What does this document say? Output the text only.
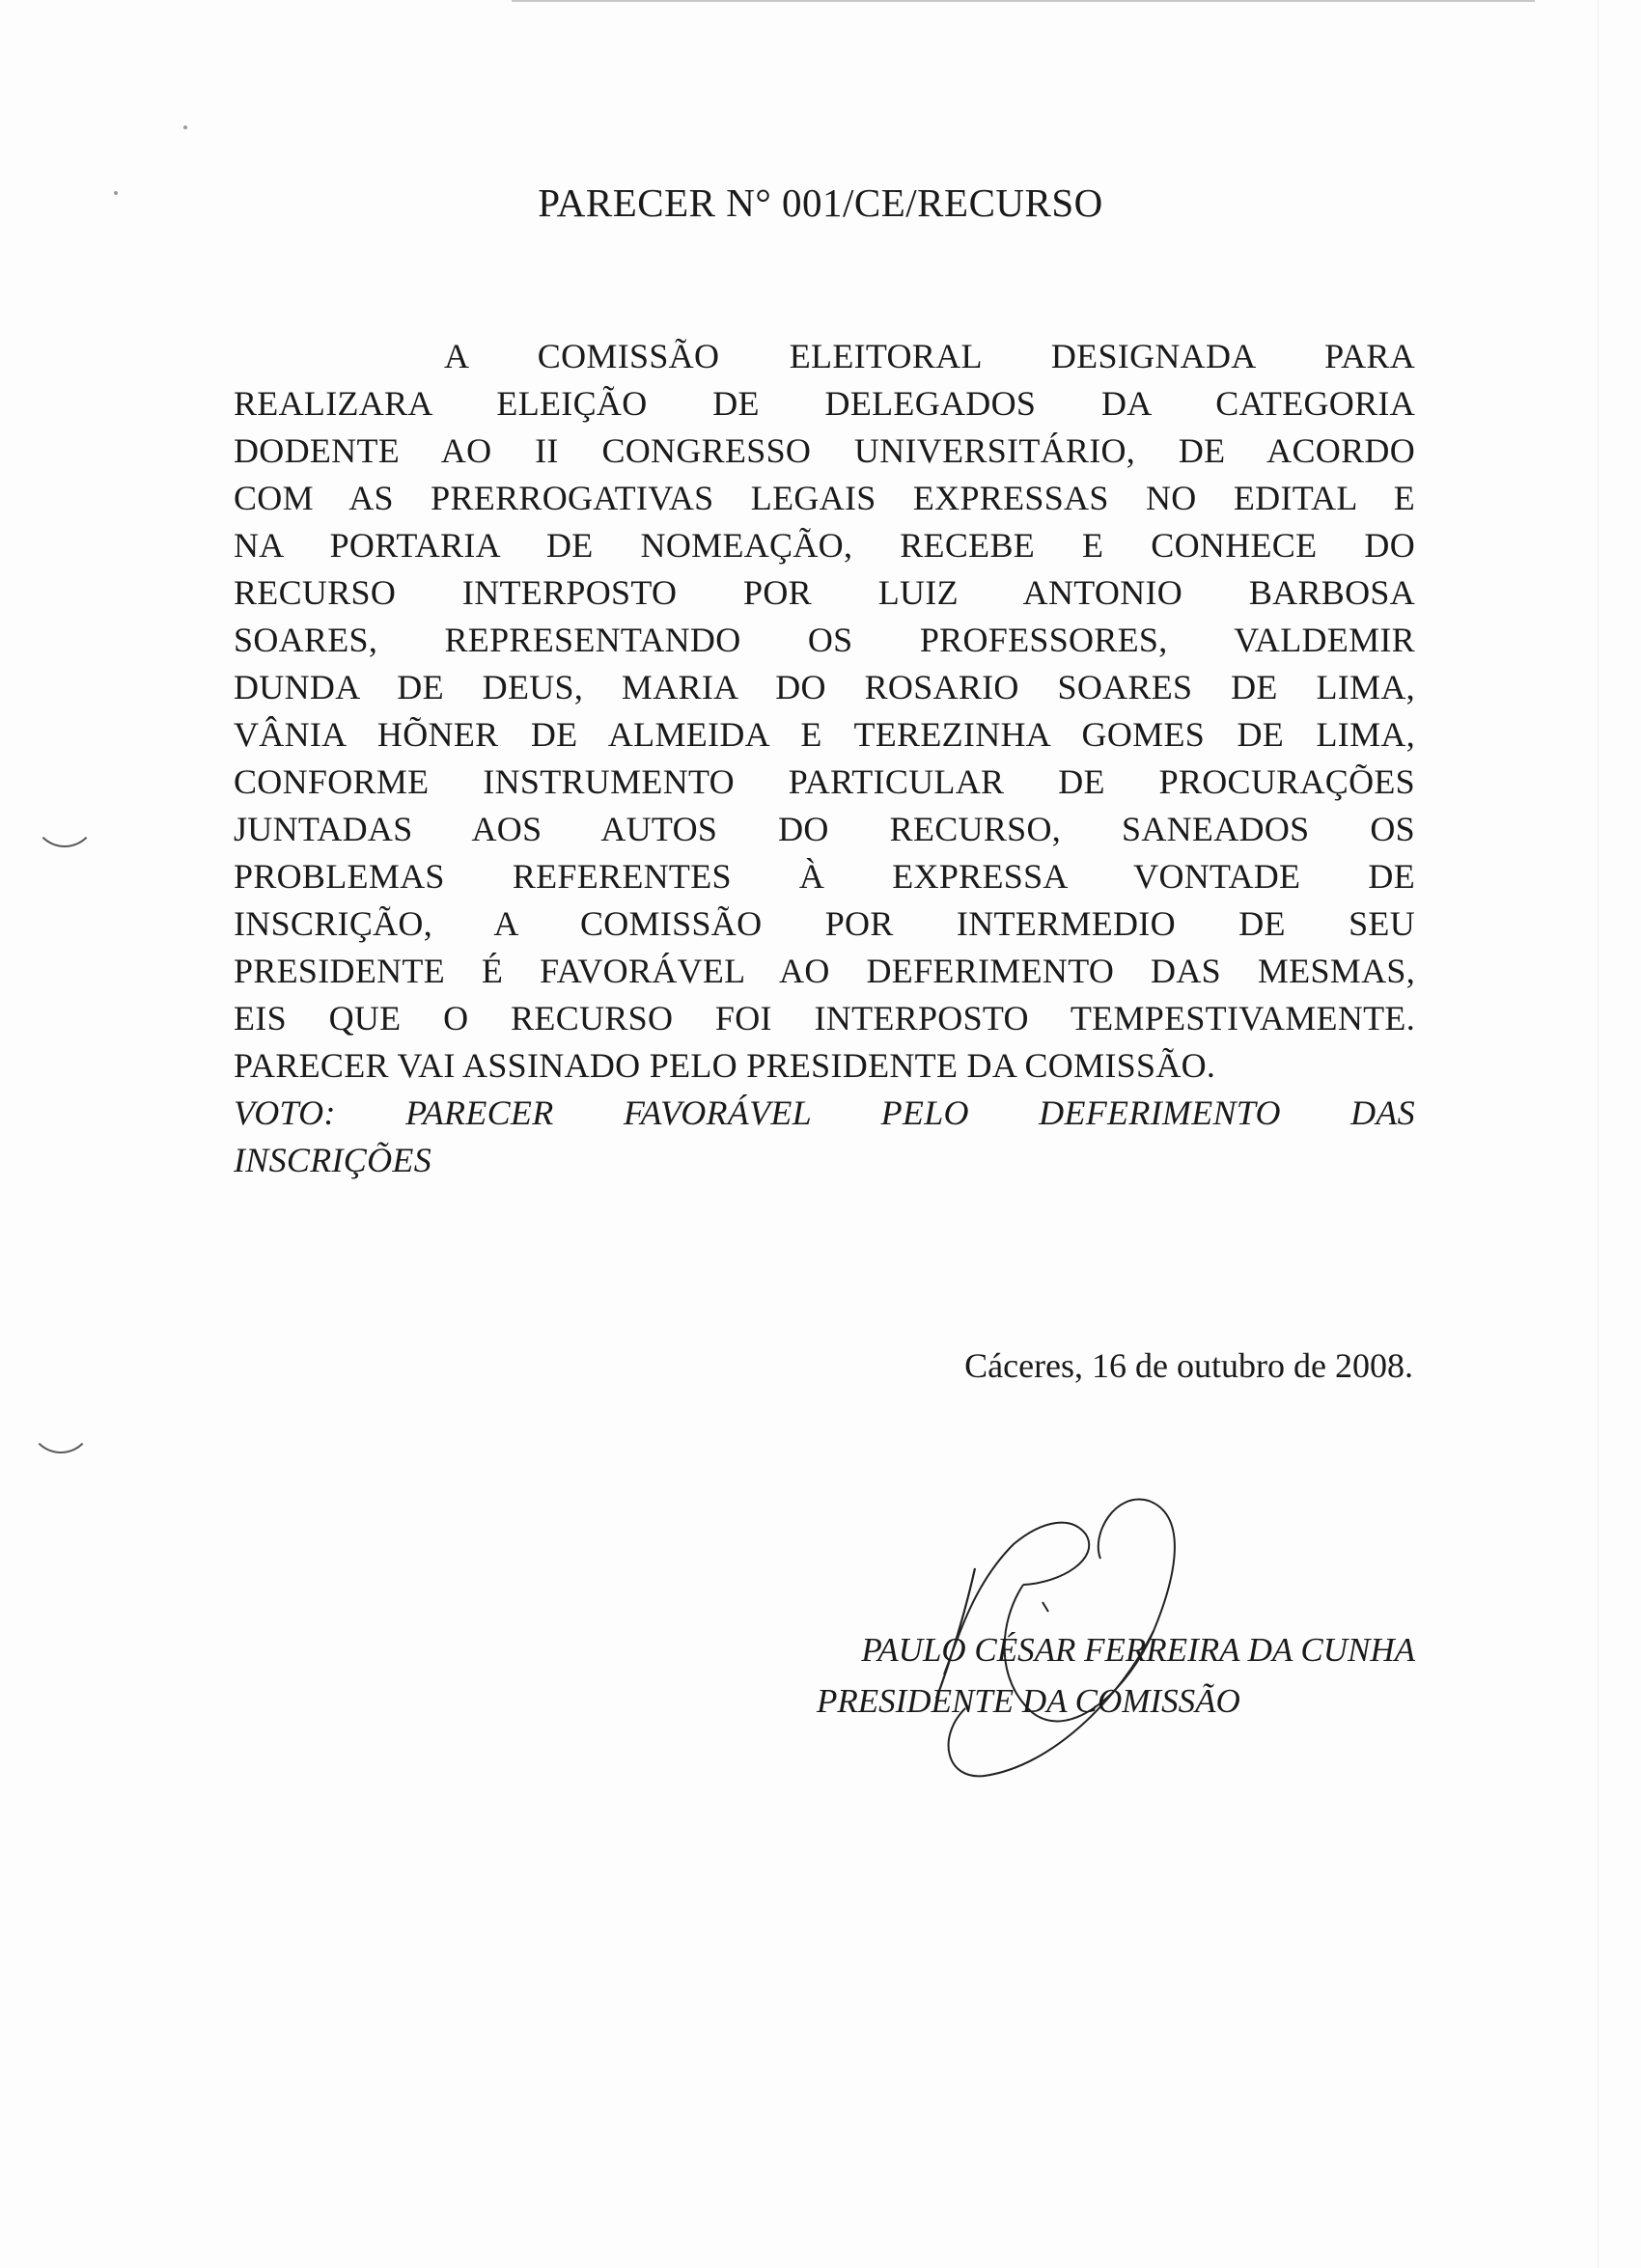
PARECER N° 001/CE/RECURSO
A COMISSÃO ELEITORAL DESIGNADA PARA
REALIZARA ELEIÇÃO DE DELEGADOS DA CATEGORIA
DODENTE AO II CONGRESSO UNIVERSITÁRIO, DE ACORDO
COM AS PRERROGATIVAS LEGAIS EXPRESSAS NO EDITAL E
NA PORTARIA DE NOMEAÇÃO, RECEBE E CONHECE DO
RECURSO INTERPOSTO POR LUIZ ANTONIO BARBOSA
SOARES, REPRESENTANDO OS PROFESSORES, VALDEMIR
DUNDA DE DEUS, MARIA DO ROSARIO SOARES DE LIMA,
VÂNIA HÕNER DE ALMEIDA E TEREZINHA GOMES DE LIMA,
CONFORME INSTRUMENTO PARTICULAR DE PROCURAÇÕES
JUNTADAS AOS AUTOS DO RECURSO, SANEADOS OS
PROBLEMAS REFERENTES À EXPRESSA VONTADE DE
INSCRIÇÃO, A COMISSÃO POR INTERMEDIO DE SEU
PRESIDENTE É FAVORÁVEL AO DEFERIMENTO DAS MESMAS,
EIS QUE O RECURSO FOI INTERPOSTO TEMPESTIVAMENTE.
PARECER VAI ASSINADO PELO PRESIDENTE DA COMISSÃO.
VOTO: PARECER FAVORÁVEL PELO DEFERIMENTO DAS
INSCRIÇÕES
Cáceres, 16 de outubro de 2008.
PAULO CÉSAR FERREIRA DA CUNHA
PRESIDENTE DA COMISSÃO
